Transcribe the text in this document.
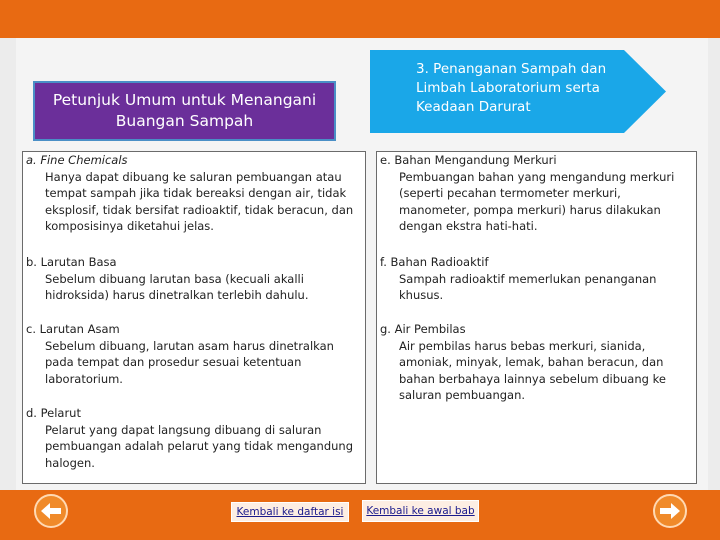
Petunjuk Umum untuk Menangani Buangan Sampah
3. Penanganan Sampah dan Limbah Laboratorium serta Keadaan Darurat
a. Fine Chemicals
Hanya dapat dibuang ke saluran pembuangan atau tempat sampah jika tidak bereaksi dengan air, tidak eksplosif, tidak bersifat radioaktif, tidak beracun, dan komposisinya diketahui jelas.
b. Larutan Basa
Sebelum dibuang larutan basa (kecuali akalli hidroksida) harus dinetralkan terlebih dahulu.
c. Larutan Asam
Sebelum dibuang, larutan asam harus dinetralkan pada tempat dan prosedur sesuai ketentuan laboratorium.
d. Pelarut
Pelarut yang dapat langsung dibuang di saluran pembuangan adalah pelarut yang tidak mengandung halogen.
e. Bahan Mengandung Merkuri
Pembuangan bahan yang mengandung merkuri (seperti pecahan termometer merkuri, manometer, pompa merkuri) harus dilakukan dengan ekstra hati-hati.
f. Bahan Radioaktif
Sampah radioaktif memerlukan penanganan khusus.
g. Air Pembilas
Air pembilas harus bebas merkuri, sianida, amoniak, minyak, lemak, bahan beracun, dan bahan berbahaya lainnya sebelum dibuang ke saluran pembuangan.
Kembali ke daftar isi	Kembali ke awal bab
